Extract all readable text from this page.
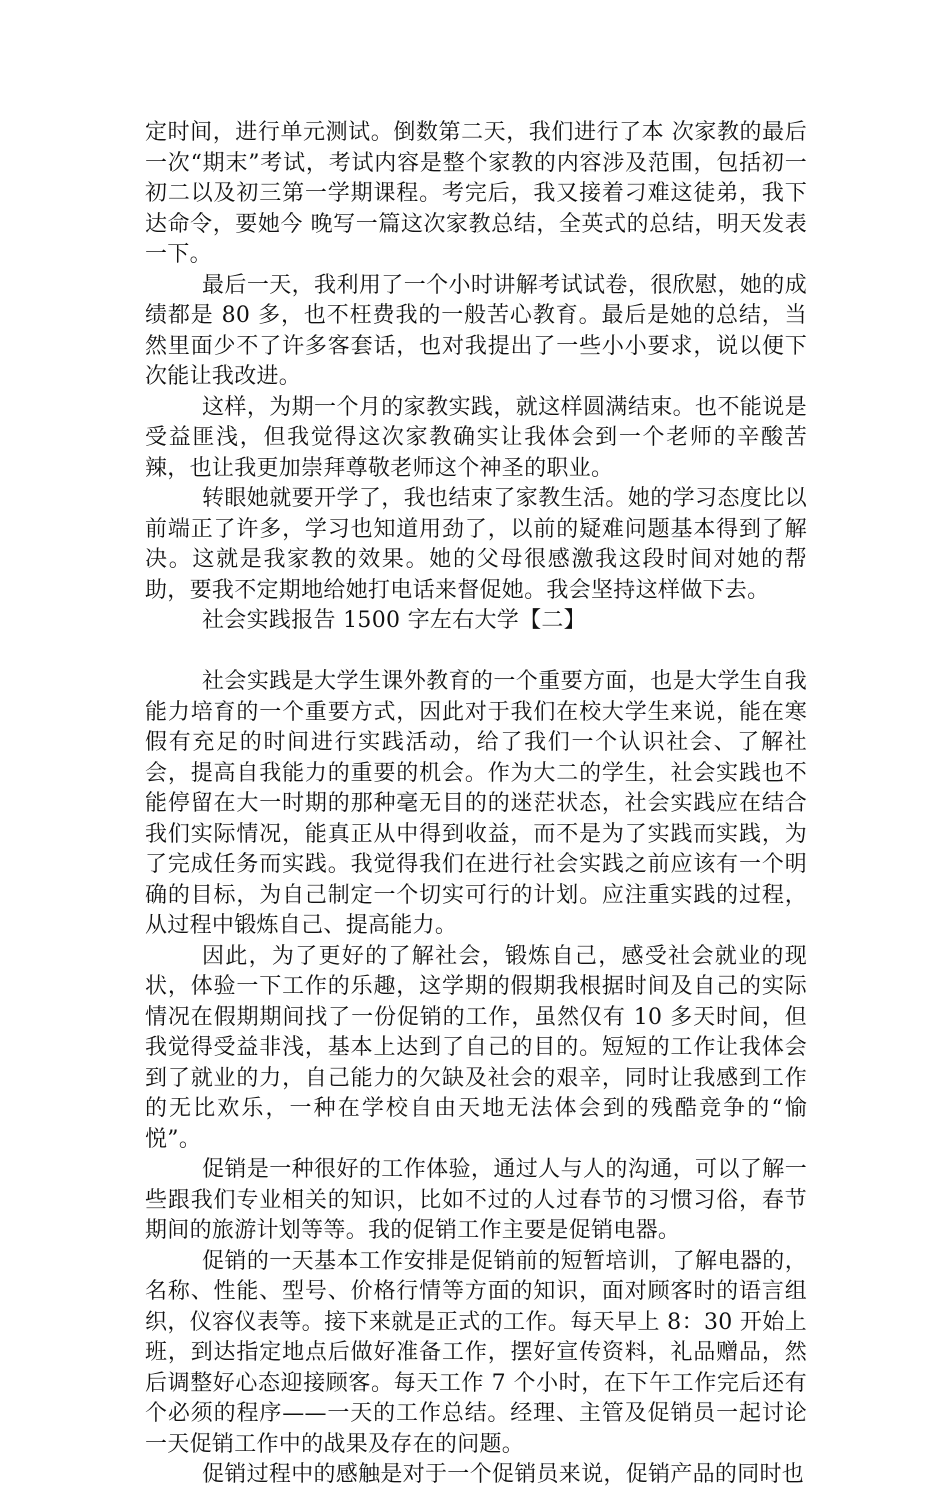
定时间，进行单元测试。倒数第二天，我们进行了本 次家教的最后一次“期末”考试，考试内容是整个家教的内容涉及范围，包括初一初二以及初三第一学期课程。考完后，我又接着刁难这徒弟，我下达命令，要她今 晚写一篇这次家教总结，全英式的总结，明天发表一下。

最后一天，我利用了一个小时讲解考试试卷，很欣慰，她的成绩都是 80 多，也不枉费我的一般苦心教育。最后是她的总结，当然里面少不了许多客套话，也对我提出了一些小小要求，说以便下次能让我改进。

这样，为期一个月的家教实践，就这样圆满结束。也不能说是受益匪浅，但我觉得这次家教确实让我体会到一个老师的辛酸苦辣，也让我更加崇拜尊敬老师这个神圣的职业。

转眼她就要开学了，我也结束了家教生活。她的学习态度比以前端正了许多，学习也知道用劲了，以前的疑难问题基本得到了解决。这就是我家教的效果。她的父母很感激我这段时间对她的帮助，要我不定期地给她打电话来督促她。我会坚持这样做下去。

社会实践报告 1500 字左右大学【二】

社会实践是大学生课外教育的一个重要方面，也是大学生自我能力培育的一个重要方式，因此对于我们在校大学生来说，能在寒假有充足的时间进行实践活动，给了我们一个认识社会、了解社会，提高自我能力的重要的机会。作为大二的学生，社会实践也不能停留在大一时期的那种毫无目的的迷茫状态，社会实践应在结合我们实际情况，能真正从中得到收益，而不是为了实践而实践，为了完成任务而实践。我觉得我们在进行社会实践之前应该有一个明确的目标，为自己制定一个切实可行的计划。应注重实践的过程，从过程中锻炼自己、提高能力。

因此，为了更好的了解社会，锻炼自己，感受社会就业的现状，体验一下工作的乐趣，这学期的假期我根据时间及自己的实际情况在假期期间找了一份促销的工作，虽然仅有 10 多天时间，但我觉得受益非浅，基本上达到了自己的目的。短短的工作让我体会到了就业的力，自己能力的欠缺及社会的艰辛，同时让我感到工作的无比欢乐，一种在学校自由天地无法体会到的残酷竞争的“愉悦”。

促销是一种很好的工作体验，通过人与人的沟通，可以了解一些跟我们专业相关的知识，比如不过的人过春节的习惯习俗，春节期间的旅游计划等等。我的促销工作主要是促销电器。

促销的一天基本工作安排是促销前的短暂培训，了解电器的，名称、性能、型号、价格行情等方面的知识，面对顾客时的语言组织，仪容仪表等。接下来就是正式的工作。每天早上 8：30 开始上班，到达指定地点后做好准备工作，摆好宣传资料，礼品赠品，然后调整好心态迎接顾客。每天工作 7 个小时，在下午工作完后还有个必须的程序——一天的工作总结。经理、主管及促销员一起讨论一天促销工作中的战果及存在的问题。

促销过程中的感触是对于一个促销员来说，促销产品的同时也
